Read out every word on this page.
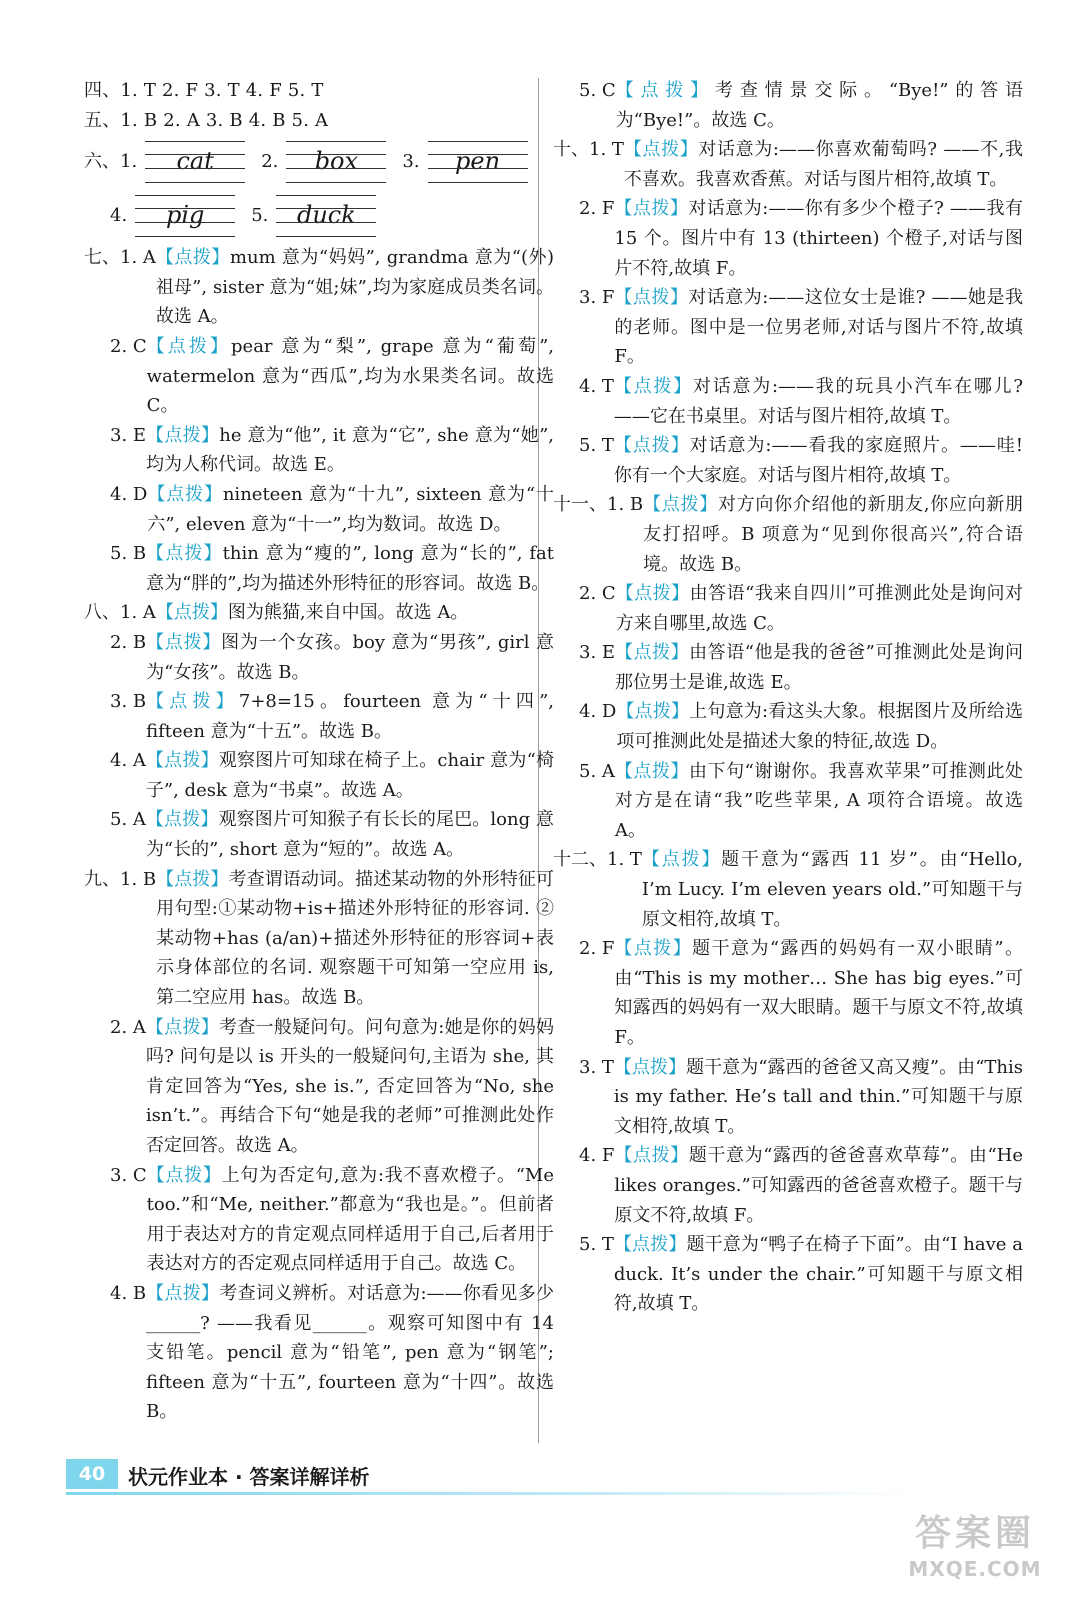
四、1. T 2. F 3. T 4. F 5. T
五、1. B 2. A 3. B 4. B 5. A
六、 1.	cat	2.	box	3.	pen
4.	pig	5.	duck
七、1. A 【点拨】mum 意为“妈妈”, grandma 意为“(外)祖母”, sister 意为“姐;妹”,均为家庭成员类名词。故选 A。
2. C 【点拨】pear 意为“梨”, grape 意为“葡萄”, watermelon 意为“西瓜”,均为水果类名词。故选 C。
3. E 【点拨】he 意为“他”, it 意为“它”, she 意为“她”,均为人称代词。故选 E。
4. D 【点拨】nineteen 意为“十九”, sixteen 意为“十六”, eleven 意为“十一”,均为数词。故选 D。
5. B 【点拨】thin 意为“瘦的”, long 意为“长的”, fat 意为“胖的”,均为描述外形特征的形容词。故选 B。
八、1. A 【点拨】图为熊猫,来自中国。故选 A。
2. B 【点拨】图为一个女孩。boy 意为“男孩”, girl 意为“女孩”。故选 B。
3. B 【点拨】7+8=15。fourteen 意为“十四”, fifteen 意为“十五”。故选 B。
4. A 【点拨】观察图片可知球在椅子上。chair 意为“椅子”, desk 意为“书桌”。故选 A。
5. A 【点拨】观察图片可知猴子有长长的尾巴。long 意为“长的”, short 意为“短的”。故选 A。
九、1. B 【点拨】考查谓语动词。描述某动物的外形特征可用句型:①某动物+is+描述外形特征的形容词. ②某动物+has (a/an)+描述外形特征的形容词+表示身体部位的名词. 观察题干可知第一空应用 is, 第二空应用 has。故选 B。
2. A 【点拨】考查一般疑问句。问句意为:她是你的妈妈吗? 问句是以 is 开头的一般疑问句,主语为 she, 其肯定回答为“Yes, she is.”, 否定回答为“No, she isn’t.”。再结合下句“她是我的老师”可推测此处作否定回答。故选 A。
3. C 【点拨】上句为否定句,意为:我不喜欢橙子。“Me too.”和“Me, neither.”都意为“我也是。”。但前者用于表达对方的肯定观点同样适用于自己,后者用于表达对方的否定观点同样适用于自己。故选 C。
4. B 【点拨】考查词义辨析。对话意为:——你看见多少______? ——我看见______。观察可知图中有 14 支铅笔。pencil 意为“铅笔”, pen 意为“钢笔”; fifteen 意为“十五”, fourteen 意为“十四”。故选 B。
5. C 【点拨】考查情景交际。“Bye!”的答语为“Bye!”。故选 C。
十、1. T 【点拨】对话意为:——你喜欢葡萄吗? ——不,我不喜欢。我喜欢香蕉。对话与图片相符,故填 T。
2. F 【点拨】对话意为:——你有多少个橙子? ——我有 15 个。图片中有 13 (thirteen) 个橙子,对话与图片不符,故填 F。
3. F 【点拨】对话意为:——这位女士是谁? ——她是我的老师。图中是一位男老师,对话与图片不符,故填 F。
4. T 【点拨】对话意为:——我的玩具小汽车在哪儿? ——它在书桌里。对话与图片相符,故填 T。
5. T 【点拨】对话意为:——看我的家庭照片。——哇! 你有一个大家庭。对话与图片相符,故填 T。
十一、1. B 【点拨】对方向你介绍他的新朋友,你应向新朋友打招呼。B 项意为“见到你很高兴”,符合语境。故选 B。
2. C 【点拨】由答语“我来自四川”可推测此处是询问对方来自哪里,故选 C。
3. E 【点拨】由答语“他是我的爸爸”可推测此处是询问那位男士是谁,故选 E。
4. D 【点拨】上句意为:看这头大象。根据图片及所给选项可推测此处是描述大象的特征,故选 D。
5. A 【点拨】由下句“谢谢你。我喜欢苹果”可推测此处对方是在请“我”吃些苹果, A 项符合语境。故选 A。
十二、1. T 【点拨】题干意为“露西 11 岁”。由“Hello, I’m Lucy. I’m eleven years old.”可知题干与原文相符,故填 T。
2. F 【点拨】题干意为“露西的妈妈有一双小眼睛”。由“This is my mother… She has big eyes.”可知露西的妈妈有一双大眼睛。题干与原文不符,故填 F。
3. T 【点拨】题干意为“露西的爸爸又高又瘦”。由“This is my father. He’s tall and thin.”可知题干与原文相符,故填 T。
4. F 【点拨】题干意为“露西的爸爸喜欢草莓”。由“He likes oranges.”可知露西的爸爸喜欢橙子。题干与原文不符,故填 F。
5. T 【点拨】题干意为“鸭子在椅子下面”。由“I have a duck. It’s under the chair.”可知题干与原文相符,故填 T。
40	状元作业本 · 答案详解详析
答案圈
MXQE.COM
